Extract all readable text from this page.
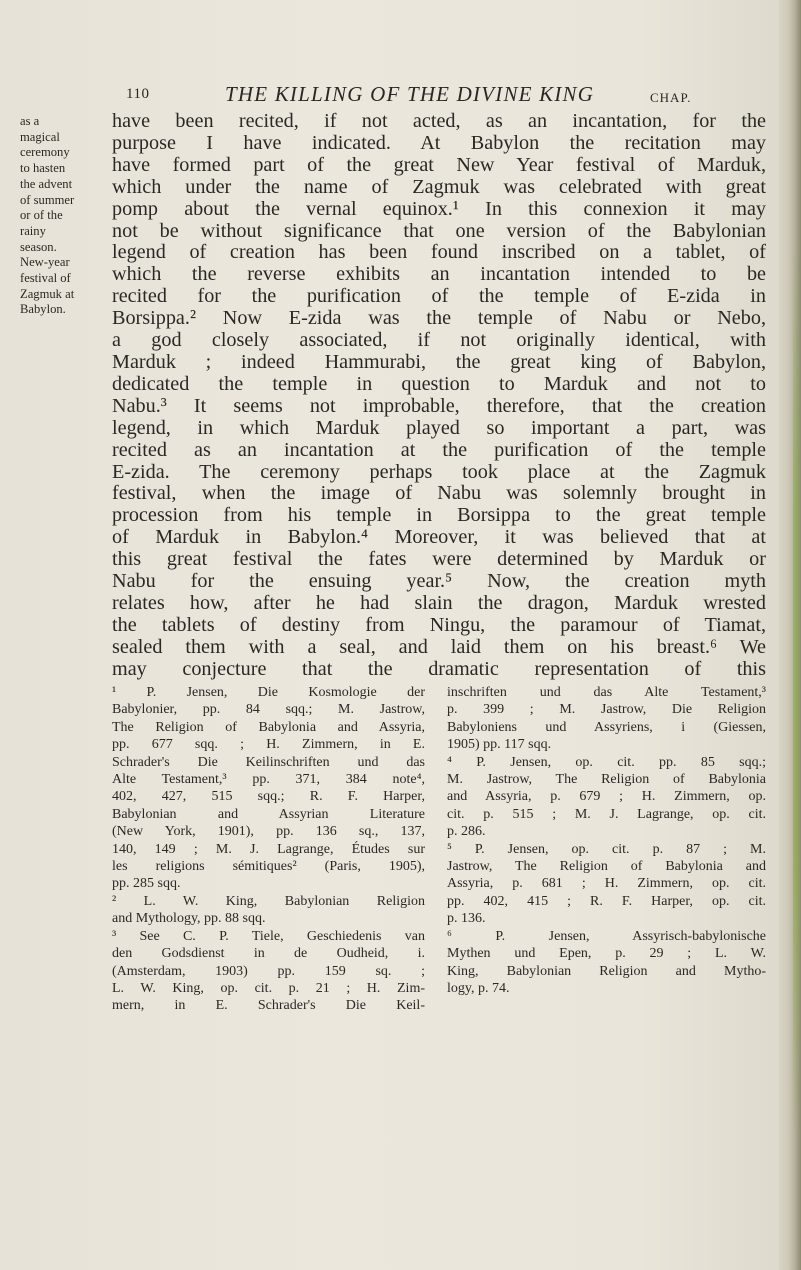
110	THE KILLING OF THE DIVINE KING	CHAP.
as a
magical
ceremony
to hasten
the advent
of summer
or of the
rainy
season.
New-year
festival of
Zagmuk at
Babylon.
have been recited, if not acted, as an incantation, for the
purpose I have indicated. At Babylon the recitation may
have formed part of the great New Year festival of Marduk,
which under the name of Zagmuk was celebrated with great
pomp about the vernal equinox.¹ In this connexion it may
not be without significance that one version of the Babylonian
legend of creation has been found inscribed on a tablet, of
which the reverse exhibits an incantation intended to be
recited for the purification of the temple of E-zida in
Borsippa.² Now E-zida was the temple of Nabu or Nebo,
a god closely associated, if not originally identical, with
Marduk ; indeed Hammurabi, the great king of Babylon,
dedicated the temple in question to Marduk and not to
Nabu.³ It seems not improbable, therefore, that the creation
legend, in which Marduk played so important a part, was
recited as an incantation at the purification of the temple
E-zida. The ceremony perhaps took place at the Zagmuk
festival, when the image of Nabu was solemnly brought in
procession from his temple in Borsippa to the great temple
of Marduk in Babylon.⁴ Moreover, it was believed that at
this great festival the fates were determined by Marduk or
Nabu for the ensuing year.⁵ Now, the creation myth
relates how, after he had slain the dragon, Marduk wrested
the tablets of destiny from Ningu, the paramour of Tiamat,
sealed them with a seal, and laid them on his breast.⁶ We
may conjecture that the dramatic representation of this
¹ P. Jensen, Die Kosmologie der
Babylonier, pp. 84 sqq.; M. Jastrow,
The Religion of Babylonia and Assyria,
pp. 677 sqq. ; H. Zimmern, in E.
Schrader's Die Keilinschriften und das
Alte Testament,³ pp. 371, 384 note⁴,
402, 427, 515 sqq.; R. F. Harper,
Babylonian and Assyrian Literature
(New York, 1901), pp. 136 sq., 137,
140, 149 ; M. J. Lagrange, Études sur
les religions sémitiques² (Paris, 1905),
pp. 285 sqq.
² L. W. King, Babylonian Religion
and Mythology, pp. 88 sqq.
³ See C. P. Tiele, Geschiedenis van
den Godsdienst in de Oudheid, i.
(Amsterdam, 1903) pp. 159 sq. ;
L. W. King, op. cit. p. 21 ; H. Zim-
mern, in E. Schrader's Die Keil-
inschriften und das Alte Testament,³
p. 399 ; M. Jastrow, Die Religion
Babyloniens und Assyriens, i (Giessen,
1905) pp. 117 sqq.
⁴ P. Jensen, op. cit. pp. 85 sqq.;
M. Jastrow, The Religion of Babylonia
and Assyria, p. 679 ; H. Zimmern, op.
cit. p. 515 ; M. J. Lagrange, op. cit.
p. 286.
⁵ P. Jensen, op. cit. p. 87 ; M.
Jastrow, The Religion of Babylonia and
Assyria, p. 681 ; H. Zimmern, op. cit.
pp. 402, 415 ; R. F. Harper, op. cit.
p. 136.
⁶ P. Jensen, Assyrisch-babylonische
Mythen und Epen, p. 29 ; L. W.
King, Babylonian Religion and Mytho-
logy, p. 74.
